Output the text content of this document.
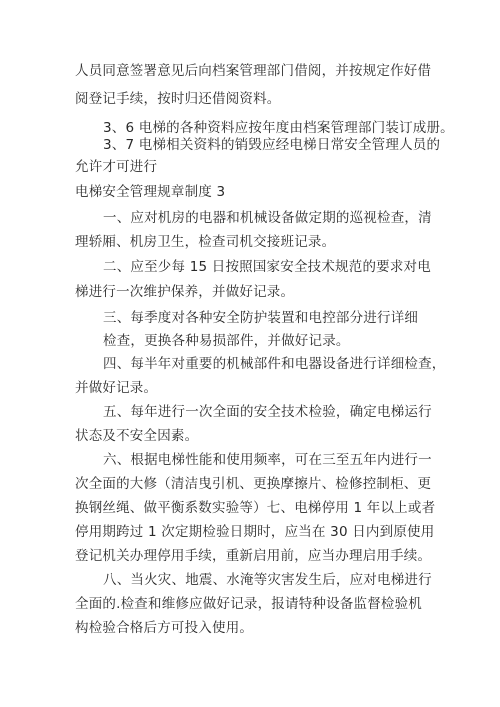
人员同意签署意见后向档案管理部门借阅，并按规定作好借
阅登记手续，按时归还借阅资料。
3、6 电梯的各种资料应按年度由档案管理部门装订成册。
3、7 电梯相关资料的销毁应经电梯日常安全管理人员的
允许才可进行
电梯安全管理规章制度 3
一、应对机房的电器和机械设备做定期的巡视检查，清
理轿厢、机房卫生，检查司机交接班记录。
二、应至少每 15 日按照国家安全技术规范的要求对电
梯进行一次维护保养，并做好记录。
三、每季度对各种安全防护装置和电控部分进行详细检查，更换各种易损部件，并做好记录。
四、每半年对重要的机械部件和电器设备进行详细检查，
并做好记录。
五、每年进行一次全面的安全技术检验，确定电梯运行
状态及不安全因素。
六、根据电梯性能和使用频率，可在三至五年内进行一
次全面的大修（清洁曳引机、更换摩擦片、检修控制柜、更
换钢丝绳、做平衡系数实验等）七、电梯停用 1 年以上或者
停用期跨过 1 次定期检验日期时，应当在 30 日内到原使用
登记机关办理停用手续，重新启用前，应当办理启用手续。
八、当火灾、地震、水淹等灾害发生后，应对电梯进行
全面的.检查和维修应做好记录，报请特种设备监督检验机
构检验合格后方可投入使用。
